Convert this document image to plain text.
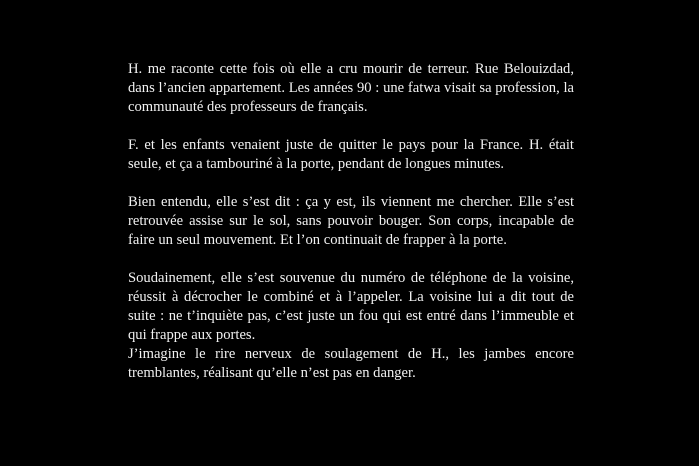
H. me raconte cette fois où elle a cru mourir de terreur. Rue Belouizdad, dans l’ancien appartement. Les années 90 : une fatwa visait sa profession, la communauté des professeurs de français.

F. et les enfants venaient juste de quitter le pays pour la France. H. était seule, et ça a tambouriné à la porte, pendant de longues minutes.

Bien entendu, elle s’est dit : ça y est, ils viennent me chercher. Elle s’est retrouvée assise sur le sol, sans pouvoir bouger. Son corps, incapable de faire un seul mouvement. Et l’on continuait de frapper à la porte.

Soudainement, elle s’est souvenue du numéro de téléphone de la voisine, réussit à décrocher le combiné et à l’appeler. La voisine lui a dit tout de suite : ne t’inquiète pas, c’est juste un fou qui est entré dans l’immeuble et qui frappe aux portes.

J’imagine le rire nerveux de soulagement de H., les jambes encore tremblantes, réalisant qu’elle n’est pas en danger.
